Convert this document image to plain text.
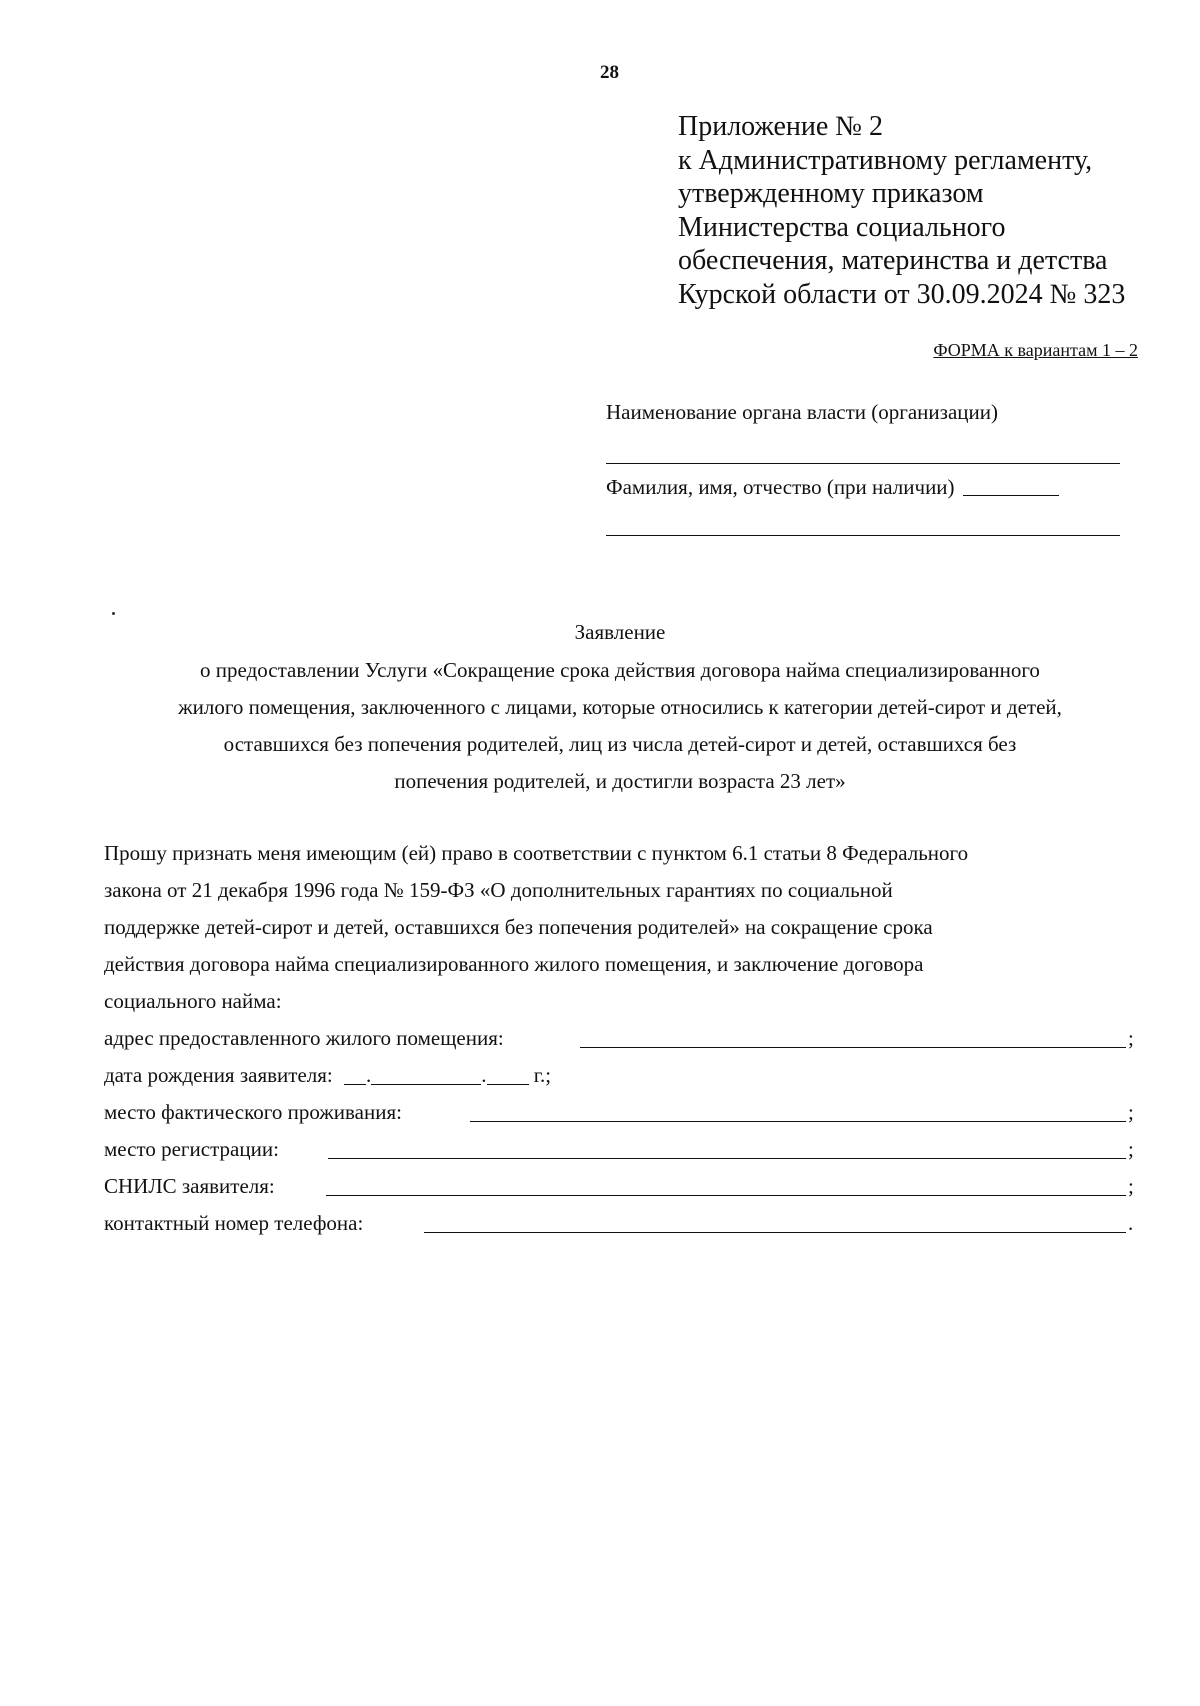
28
Приложение № 2
к Административному регламенту,
утвержденному приказом
Министерства социального
обеспечения, материнства и детства
Курской области от 30.09.2024 № 323
ФОРМА к вариантам 1 – 2
Наименование органа власти (организации)
Фамилия, имя, отчество (при наличии)
Заявление
о предоставлении Услуги «Сокращение срока действия договора найма специализированного
жилого помещения, заключенного с лицами, которые относились к категории детей-сирот и детей,
оставшихся без попечения родителей, лиц из числа детей-сирот и детей, оставшихся без
попечения родителей, и достигли возраста 23 лет»
Прошу признать меня имеющим (ей) право в соответствии с пунктом 6.1 статьи 8 Федерального
закона от 21 декабря 1996 года № 159-ФЗ «О дополнительных гарантиях по социальной
поддержке детей-сирот и детей, оставшихся без попечения родителей» на сокращение срока
действия договора найма специализированного жилого помещения, и заключение договора
социального найма:
адрес предоставленного жилого помещения:	;
дата рождения заявителя: .	. г.;
место фактического проживания:	;
место регистрации:	;
СНИЛС заявителя:	;
контактный номер телефона:	.
